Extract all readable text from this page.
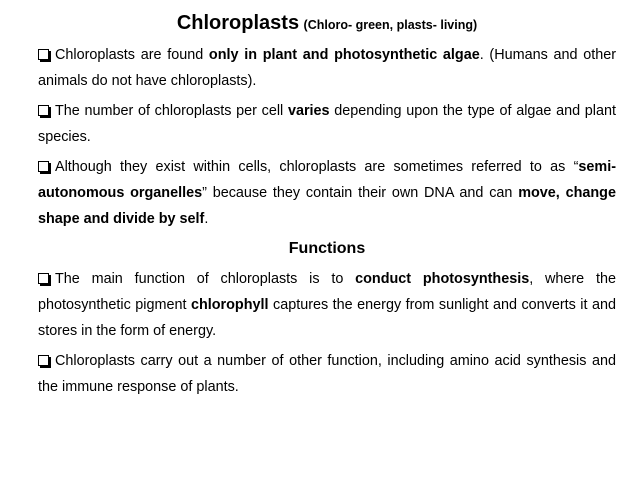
Chloroplasts (Chloro- green, plasts- living)

Chloroplasts are found only in plant and photosynthetic algae. (Humans and other animals do not have chloroplasts).

The number of chloroplasts per cell varies depending upon the type of algae and plant species.

Although they exist within cells, chloroplasts are sometimes referred to as “semi- autonomous organelles” because they contain their own DNA and can move, change shape and divide by self.

Functions

The main function of chloroplasts is to conduct photosynthesis, where the photosynthetic pigment chlorophyll captures the energy from sunlight and converts it and stores in the form of energy.

Chloroplasts carry out a number of other function, including amino acid synthesis and the immune response of plants.
